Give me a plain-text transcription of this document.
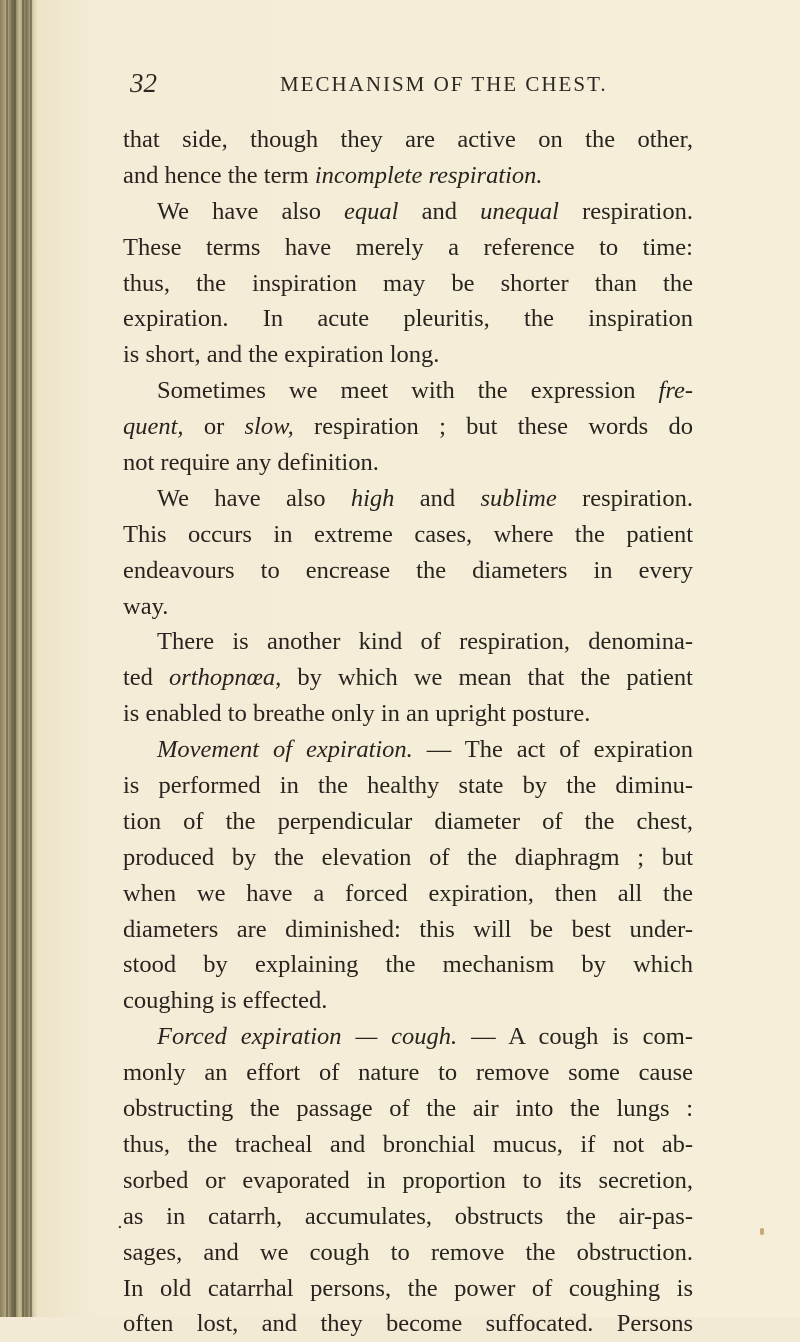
32	MECHANISM OF THE CHEST.
that side, though they are active on the other,
and hence the term incomplete respiration.
We have also equal and unequal respiration.
These terms have merely a reference to time:
thus, the inspiration may be shorter than the
expiration. In acute pleuritis, the inspiration
is short, and the expiration long.
Sometimes we meet with the expression fre-
quent, or slow, respiration ; but these words do
not require any definition.
We have also high and sublime respiration.
This occurs in extreme cases, where the patient
endeavours to encrease the diameters in every
way.
There is another kind of respiration, denomina-
ted orthopnœa, by which we mean that the patient
is enabled to breathe only in an upright posture.
Movement of expiration. — The act of expiration
is performed in the healthy state by the diminu-
tion of the perpendicular diameter of the chest,
produced by the elevation of the diaphragm ; but
when we have a forced expiration, then all the
diameters are diminished: this will be best under-
stood by explaining the mechanism by which
coughing is effected.
Forced expiration — cough. — A cough is com-
monly an effort of nature to remove some cause
obstructing the passage of the air into the lungs :
thus, the tracheal and bronchial mucus, if not ab-
sorbed or evaporated in proportion to its secretion,
as in catarrh, accumulates, obstructs the air-pas-
sages, and we cough to remove the obstruction.
In old catarrhal persons, the power of coughing is
often lost, and they become suffocated. Persons
.
